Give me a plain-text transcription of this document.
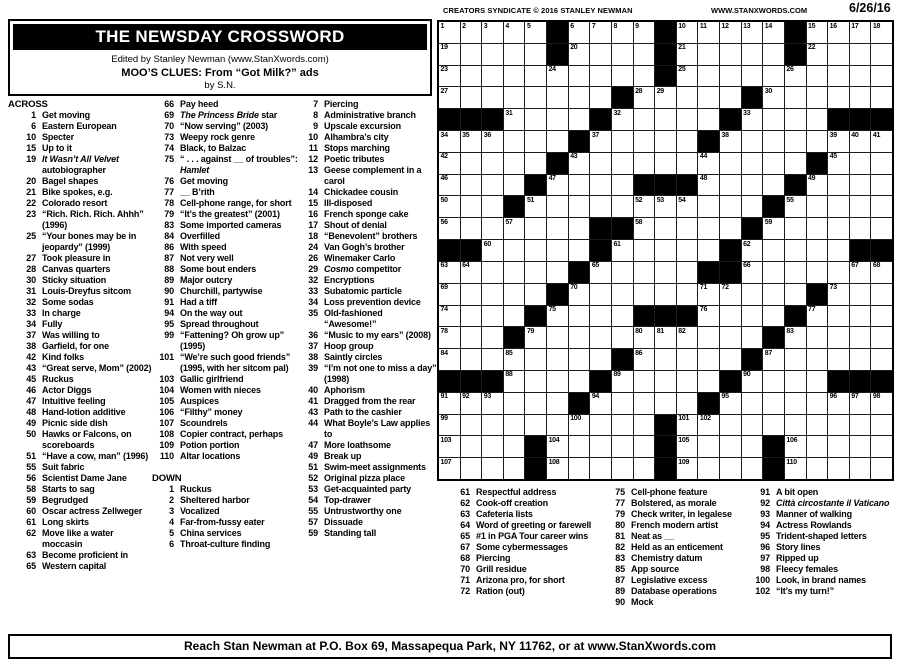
CREATORS SYNDICATE © 2016 STANLEY NEWMAN	WWW.STANXWORDS.COM	6/26/16
THE NEWSDAY CROSSWORD
Edited by Stanley Newman (www.StanXwords.com)
MOO’S CLUES: From “Got Milk?” ads
by S.N.
ACROSS
1 Get moving
6 Eastern European
10 Specter
15 Up to it
19 It Wasn’t All Velvet autobiographer
20 Bagel shapes
21 Bike spokes, e.g.
22 Colorado resort
23 “Rich. Rich. Rich. Ahhh” (1996)
25 “Your bones may be in jeopardy” (1999)
27 Took pleasure in
28 Canvas quarters
30 Sticky situation
31 Louis-Dreyfus sitcom
32 Some sodas
33 In charge
34 Fully
37 Was willing to
38 Garfield, for one
42 Kind folks
43 “Great serve, Mom” (2002)
45 Ruckus
46 Actor Diggs
47 Intuitive feeling
48 Hand-lotion additive
49 Picnic side dish
50 Hawks or Falcons, on scoreboards
51 “Have a cow, man” (1996)
55 Suit fabric
56 Scientist Dame Jane
58 Starts to sag
59 Begrudged
60 Oscar actress Zellweger
61 Long skirts
62 Move like a water moccasin
63 Become proficient in
65 Western capital
66 Pay heed
69 The Princess Bride star
70 “Now serving” (2003)
73 Weepy rock genre
74 Black, to Balzac
75 “ . . . against __ of troubles”: Hamlet
76 Get moving
77 __ B’rith
78 Cell-phone range, for short
79 “It’s the greatest” (2001)
83 Some imported cameras
84 Overfilled
86 With speed
87 Not very well
88 Some bout enders
89 Major outcry
90 Churchill, partywise
91 Had a tiff
94 On the way out
95 Spread throughout
99 “Fattening? Oh grow up” (1995)
101 “We’re such good friends” (1995, with her sitcom pal)
103 Gallic girlfriend
104 Women with nieces
105 Auspices
106 “Filthy” money
107 Scoundrels
108 Copier contract, perhaps
109 Potion portion
110 Altar locations
DOWN
1 Ruckus
2 Sheltered harbor
3 Vocalized
4 Far-from-fussy eater
5 China services
6 Throat-culture finding
7 Piercing
8 Administrative branch
9 Upscale excursion
10 Alhambra’s city
11 Stops marching
12 Poetic tributes
13 Geese complement in a carol
14 Chickadee cousin
15 Ill-disposed
16 French sponge cake
17 Shout of denial
18 “Benevolent” brothers
24 Van Gogh’s brother
26 Winemaker Carlo
29 Cosmo competitor
32 Encryptions
33 Subatomic particle
34 Loss prevention device
35 Old-fashioned “Awesome!”
36 “Music to my ears” (2008)
37 Hoop group
38 Saintly circles
39 “I’m not one to miss a day” (1998)
40 Aphorism
41 Dragged from the rear
43 Path to the cashier
44 What Boyle’s Law applies to
47 More loathsome
49 Break up
51 Swim-meet assignments
52 Original pizza place
53 Get-acquainted party
54 Top-drawer
55 Untrustworthy one
57 Dissuade
59 Standing tall
1	2	3	4	5	6	7	8	9	10 11 12 13 14	15 16 17 18
19	20	21	22
23	24	25	26
27	28 29	30
31	32	33
34 35 36	37	38	39 40 41
42	43	44	45
46	47	48	49
50	51	52 53 54	55
56	57	58	59
60	61	62
63 64	65	66	67 68
69	70	71 72	73
74	75	76	77
78	79	80 81 82	83
84	85	86	87
88	89	90
91 92 93	94	95	96 97 98
99	100	101 102
103	104	105	106
107	108	109	110
61 Respectful address
62 Cook-off creation
63 Cafeteria lists
64 Word of greeting or farewell
65 #1 in PGA Tour career wins
67 Some cybermessages
68 Piercing
70 Grill residue
71 Arizona pro, for short
72 Ration (out)
75 Cell-phone feature
77 Bolstered, as morale
79 Check writer, in legalese
80 French modern artist
81 Neat as __
82 Held as an enticement
83 Chemistry datum
85 App source
87 Legislative excess
89 Database operations
90 Mock
91 A bit open
92 Città circostante il Vaticano
93 Manner of walking
94 Actress Rowlands
95 Trident-shaped letters
96 Story lines
97 Ripped up
98 Fleecy females
100 Look, in brand names
102 “It’s my turn!”
Reach Stan Newman at P.O. Box 69, Massapequa Park, NY 11762, or at www.StanXwords.com
